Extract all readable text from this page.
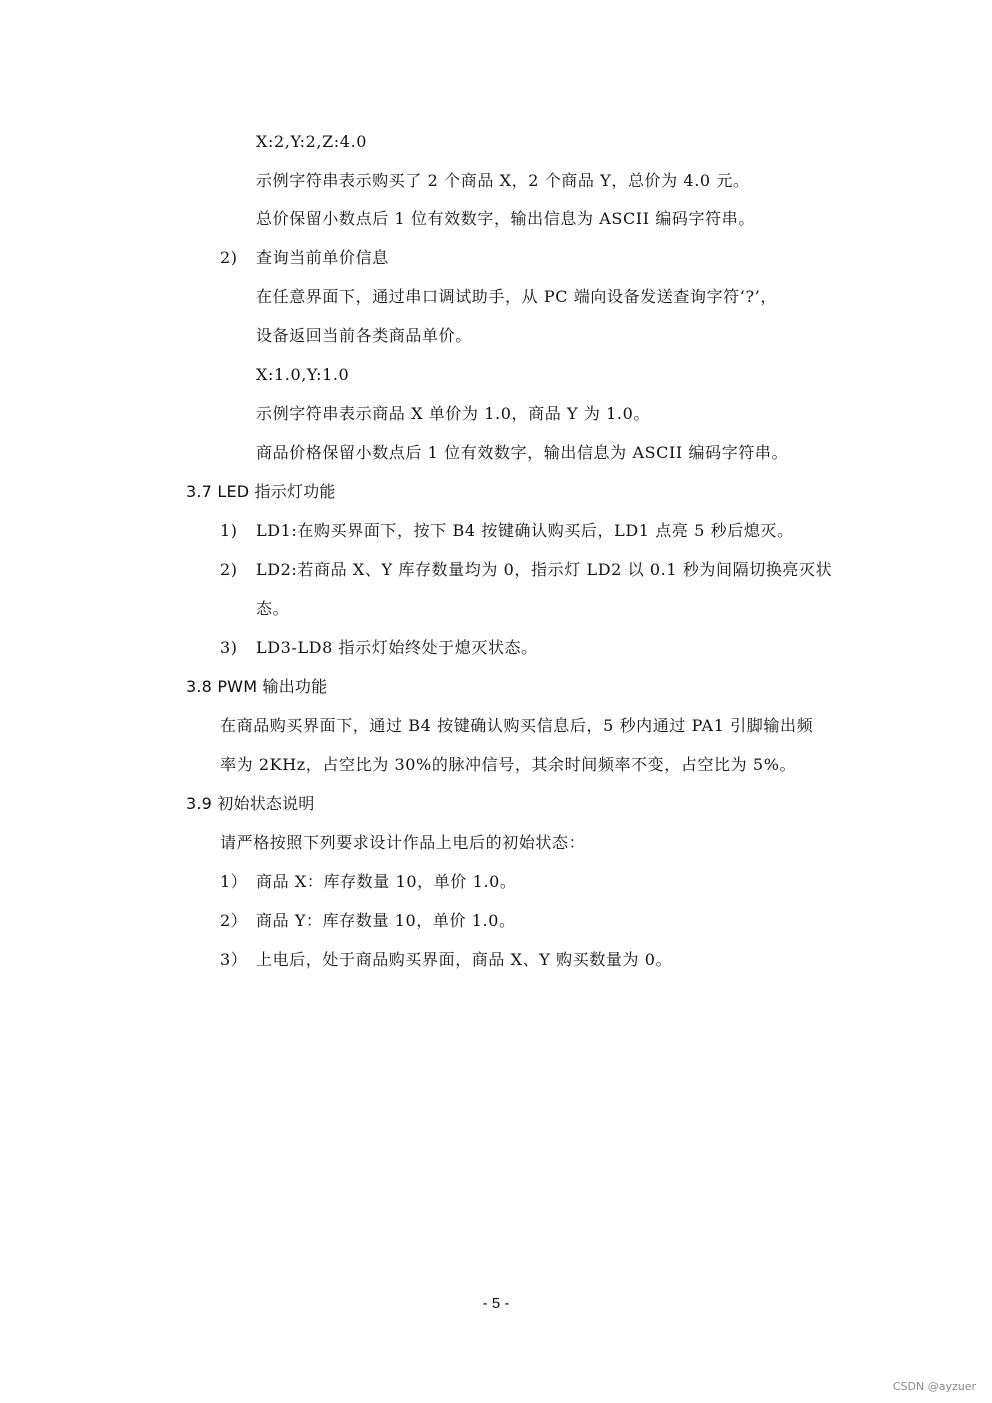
X:2,Y:2,Z:4.0
示例字符串表示购买了 2 个商品 X，2 个商品 Y，总价为 4.0 元。
总价保留小数点后 1 位有效数字，输出信息为 ASCII 编码字符串。
2) 查询当前单价信息
在任意界面下，通过串口调试助手，从 PC 端向设备发送查询字符‘?’，
设备返回当前各类商品单价。
X:1.0,Y:1.0
示例字符串表示商品 X 单价为 1.0，商品 Y 为 1.0。
商品价格保留小数点后 1 位有效数字，输出信息为 ASCII 编码字符串。
3.7 LED 指示灯功能
1) LD1:在购买界面下，按下 B4 按键确认购买后，LD1 点亮 5 秒后熄灭。
2) LD2:若商品 X、Y 库存数量均为 0，指示灯 LD2 以 0.1 秒为间隔切换亮灭状
态。
3) LD3-LD8 指示灯始终处于熄灭状态。
3.8 PWM 输出功能
在商品购买界面下，通过 B4 按键确认购买信息后，5 秒内通过 PA1 引脚输出频
率为 2KHz，占空比为 30%的脉冲信号，其余时间频率不变，占空比为 5%。
3.9 初始状态说明
请严格按照下列要求设计作品上电后的初始状态：
1） 商品 X：库存数量 10，单价 1.0。
2） 商品 Y：库存数量 10，单价 1.0。
3） 上电后，处于商品购买界面，商品 X、Y 购买数量为 0。
- 5 -
CSDN @ayzuer
